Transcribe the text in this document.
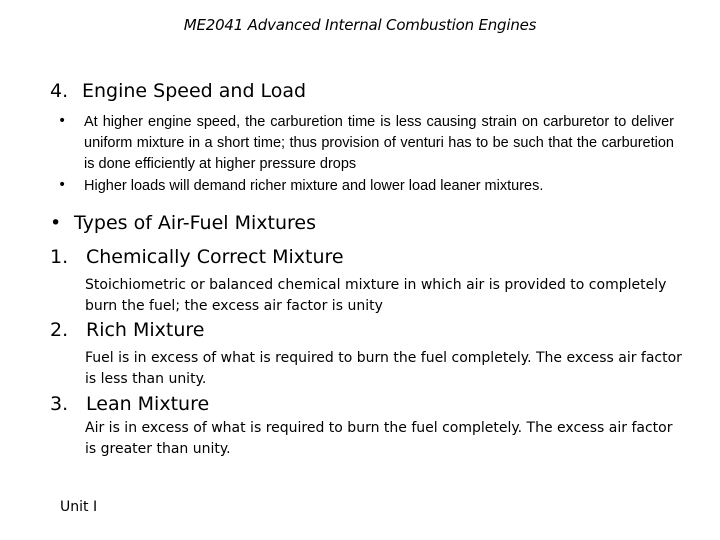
ME2041 Advanced Internal Combustion Engines
4. Engine Speed and Load
• At higher engine speed, the carburetion time is less causing strain on carburetor to deliver uniform mixture in a short time; thus provision of venturi has to be such that the carburetion is done efficiently at higher pressure drops
• Higher loads will demand richer mixture and lower load leaner mixtures.
• Types of Air-Fuel Mixtures
1. Chemically Correct Mixture
Stoichiometric or balanced chemical mixture in which air is provided to completely burn the fuel; the excess air factor is unity
2. Rich Mixture
Fuel is in excess of what is required to burn the fuel completely. The excess air factor is less than unity.
3. Lean Mixture
Air is in excess of what is required to burn the fuel completely. The excess air factor is greater than unity.
Unit I
